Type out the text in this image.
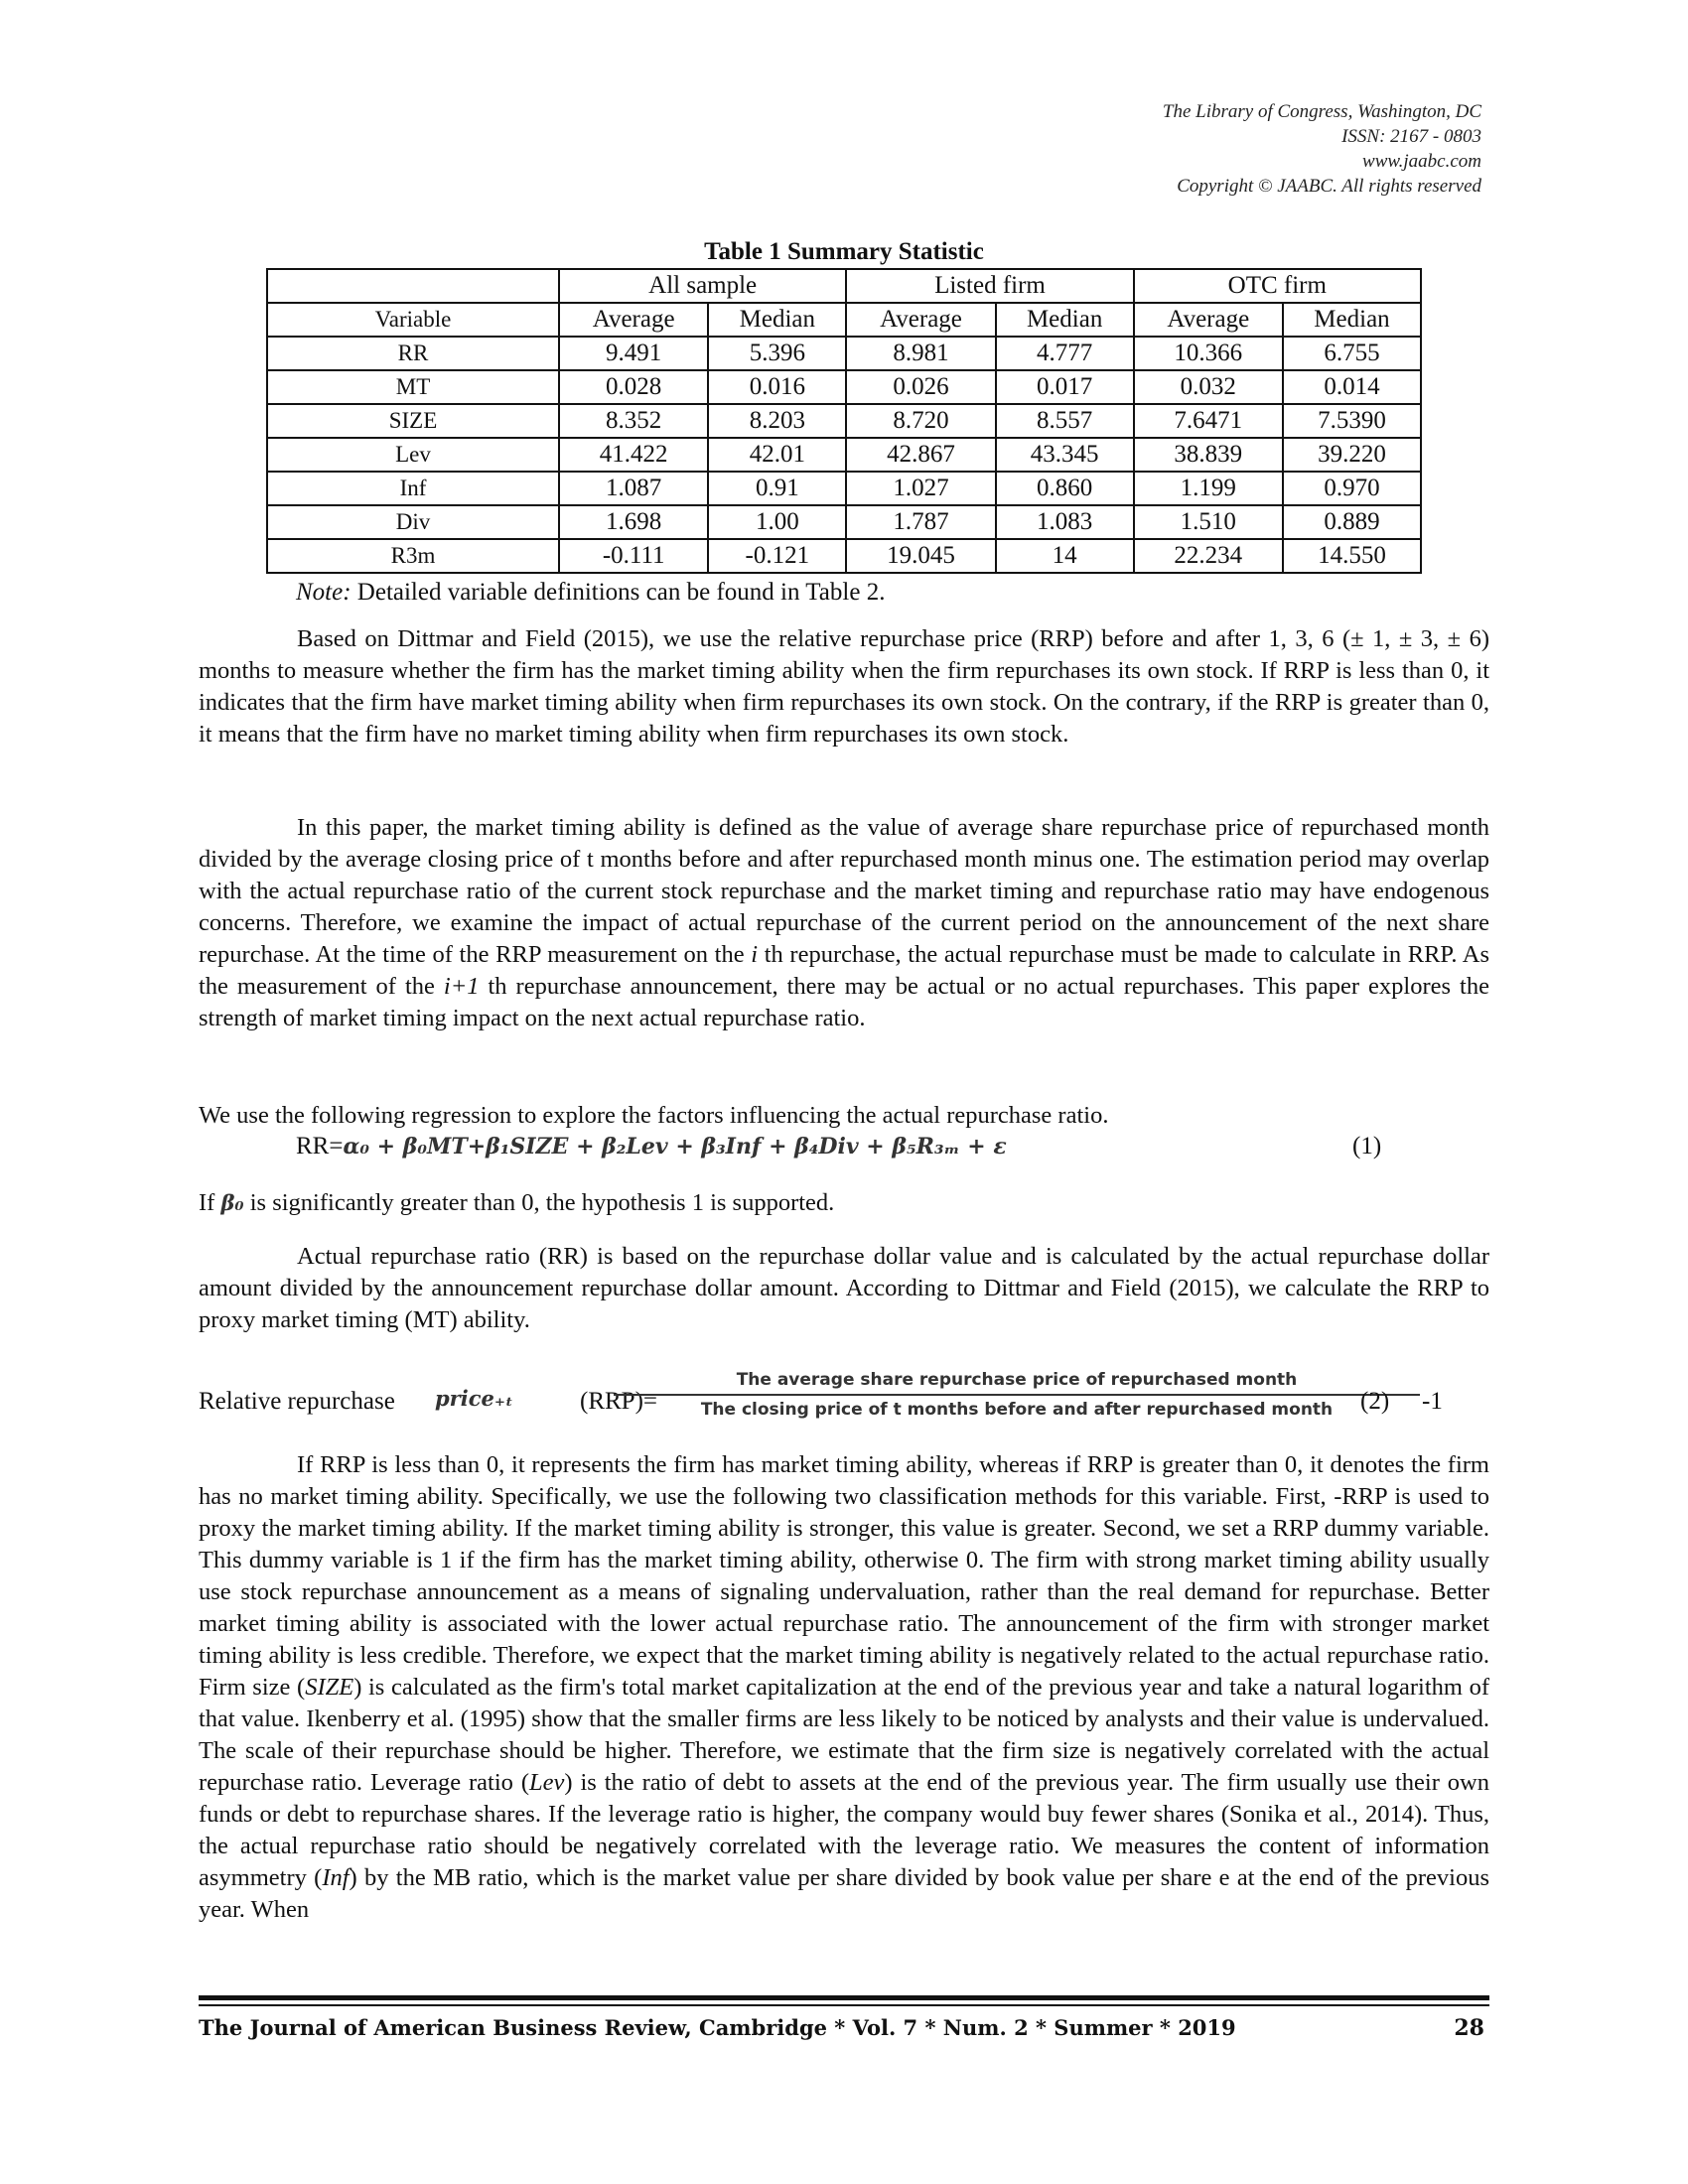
The Library of Congress, Washington, DC
ISSN: 2167 - 0803
www.jaabc.com
Copyright © JAABC. All rights reserved
Table 1 Summary Statistic
	All sample		Listed firm		OTC firm	
Variable	Average	Median	Average	Median	Average	Median
RR	9.491	5.396	8.981	4.777	10.366	6.755
MT	0.028	0.016	0.026	0.017	0.032	0.014
SIZE	8.352	8.203	8.720	8.557	7.6471	7.5390
Lev	41.422	42.01	42.867	43.345	38.839	39.220
Inf	1.087	0.91	1.027	0.860	1.199	0.970
Div	1.698	1.00	1.787	1.083	1.510	0.889
R3m	-0.111	-0.121	19.045	14	22.234	14.550
Note: Detailed variable definitions can be found in Table 2.
Based on Dittmar and Field (2015), we use the relative repurchase price (RRP) before and after 1, 3, 6 (± 1, ± 3, ± 6) months to measure whether the firm has the market timing ability when the firm repurchases its own stock. If RRP is less than 0, it indicates that the firm have market timing ability when firm repurchases its own stock. On the contrary, if the RRP is greater than 0, it means that the firm have no market timing ability when firm repurchases its own stock.
In this paper, the market timing ability is defined as the value of average share repurchase price of repurchased month divided by the average closing price of t months before and after repurchased month minus one. The estimation period may overlap with the actual repurchase ratio of the current stock repurchase and the market timing and repurchase ratio may have endogenous concerns. Therefore, we examine the impact of actual repurchase of the current period on the announcement of the next share repurchase. At the time of the RRP measurement on the i th repurchase, the actual repurchase must be made to calculate in RRP. As the measurement of the i+1 th repurchase announcement, there may be actual or no actual repurchases. This paper explores the strength of market timing impact on the next actual repurchase ratio.
We use the following regression to explore the factors influencing the actual repurchase ratio.
RR=α₀ + β₀MT+β₁SIZE + β₂Lev + β₃Inf + β₄Div + β₅R₃ₘ + ε	(1)
If β₀ is significantly greater than 0, the hypothesis 1 is supported.
Actual repurchase ratio (RR) is based on the repurchase dollar value and is calculated by the actual repurchase dollar amount divided by the announcement repurchase dollar amount. According to Dittmar and Field (2015), we calculate the RRP to proxy market timing (MT) ability.
Relative repurchase price₊ₜ	(RRP)=
The average share repurchase price of repurchased month
The closing price of t months before and after repurchased month	-1
(2)
If RRP is less than 0, it represents the firm has market timing ability, whereas if RRP is greater than 0, it denotes the firm has no market timing ability. Specifically, we use the following two classification methods for this variable. First, -RRP is used to proxy the market timing ability. If the market timing ability is stronger, this value is greater. Second, we set a RRP dummy variable. This dummy variable is 1 if the firm has the market timing ability, otherwise 0. The firm with strong market timing ability usually use stock repurchase announcement as a means of signaling undervaluation, rather than the real demand for repurchase. Better market timing ability is associated with the lower actual repurchase ratio. The announcement of the firm with stronger market timing ability is less credible. Therefore, we expect that the market timing ability is negatively related to the actual repurchase ratio. Firm size (SIZE) is calculated as the firm's total market capitalization at the end of the previous year and take a natural logarithm of that value. Ikenberry et al. (1995) show that the smaller firms are less likely to be noticed by analysts and their value is undervalued. The scale of their repurchase should be higher. Therefore, we estimate that the firm size is negatively correlated with the actual repurchase ratio. Leverage ratio (Lev) is the ratio of debt to assets at the end of the previous year. The firm usually use their own funds or debt to repurchase shares. If the leverage ratio is higher, the company would buy fewer shares (Sonika et al., 2014). Thus, the actual repurchase ratio should be negatively correlated with the leverage ratio. We measures the content of information asymmetry (Inf) by the MB ratio, which is the market value per share divided by book value per share e at the end of the previous year. When
The Journal of American Business Review, Cambridge * Vol. 7 * Num. 2 * Summer * 2019	28
